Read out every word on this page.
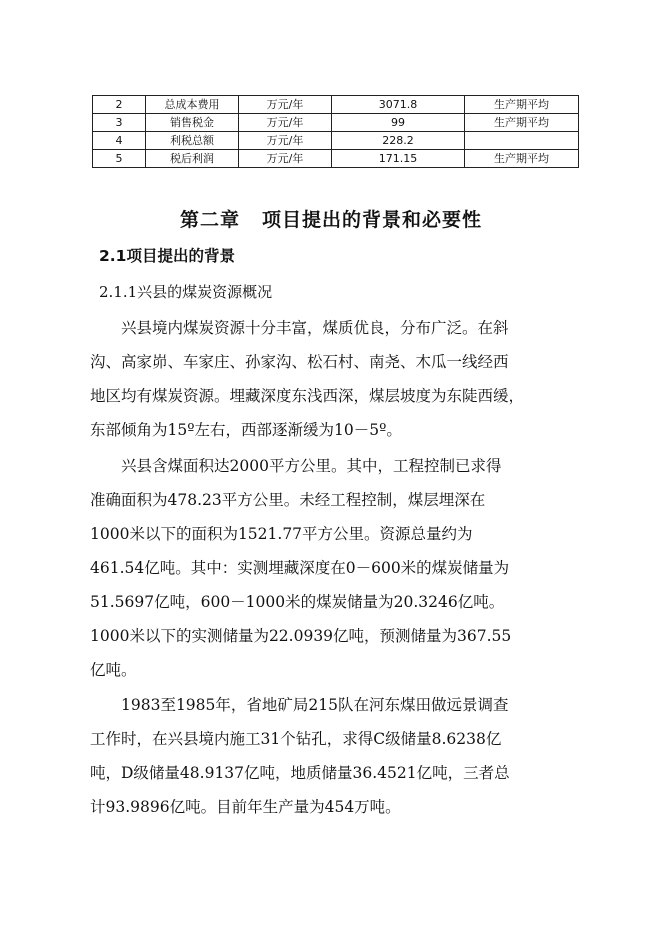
2	总成本费用	万元/年	3071.8	生产期平均
3	销售税金	万元/年	99	生产期平均
4	利税总额	万元/年	228.2	
5	税后利润	万元/年	171.15	生产期平均
第二章 项目提出的背景和必要性
2.1项目提出的背景
2.1.1兴县的煤炭资源概况

兴县境内煤炭资源十分丰富，煤质优良，分布广泛。在斜
沟、高家峁、车家庄、孙家沟、松石村、南尧、木瓜一线经西
地区均有煤炭资源。埋藏深度东浅西深，煤层坡度为东陡西缓，
东部倾角为15º左右，西部逐渐缓为10－5º。

兴县含煤面积达2000平方公里。其中，工程控制已求得
准确面积为478.23平方公里。未经工程控制，煤层埋深在
1000米以下的面积为1521.77平方公里。资源总量约为
461.54亿吨。其中：实测埋藏深度在0－600米的煤炭储量为
51.5697亿吨，600－1000米的煤炭储量为20.3246亿吨。
1000米以下的实测储量为22.0939亿吨，预测储量为367.55
亿吨。

1983至1985年，省地矿局215队在河东煤田做远景调查
工作时，在兴县境内施工31个钻孔，求得C级储量8.6238亿
吨，D级储量48.9137亿吨，地质储量36.4521亿吨，三者总
计93.9896亿吨。目前年生产量为454万吨。
